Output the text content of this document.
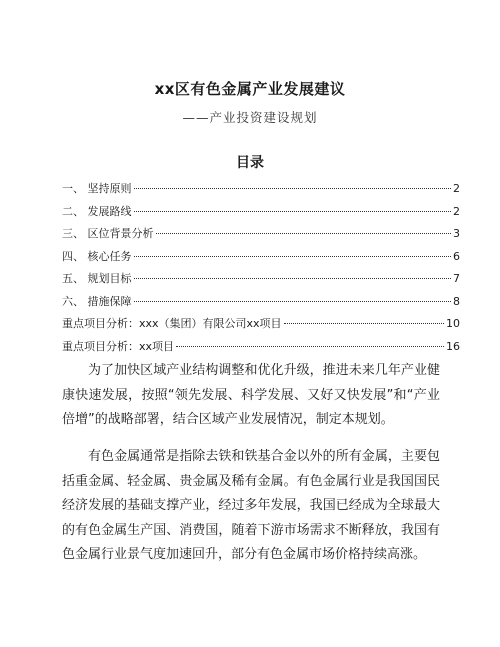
xx区有色金属产业发展建议
——产业投资建设规划
目录
一、 坚持原则	2
二、 发展路线	2
三、 区位背景分析	3
四、 核心任务	6
五、 规划目标	7
六、 措施保障	8
重点项目分析：xxx（集团）有限公司xx项目	10
重点项目分析：xx项目	16

为了加快区域产业结构调整和优化升级，推进未来几年产业健康快速发展，按照“领先发展、科学发展、又好又快发展”和“产业倍增”的战略部署，结合区域产业发展情况，制定本规划。

有色金属通常是指除去铁和铁基合金以外的所有金属，主要包括重金属、轻金属、贵金属及稀有金属。有色金属行业是我国国民经济发展的基础支撑产业，经过多年发展，我国已经成为全球最大的有色金属生产国、消费国，随着下游市场需求不断释放，我国有色金属行业景气度加速回升，部分有色金属市场价格持续高涨。
